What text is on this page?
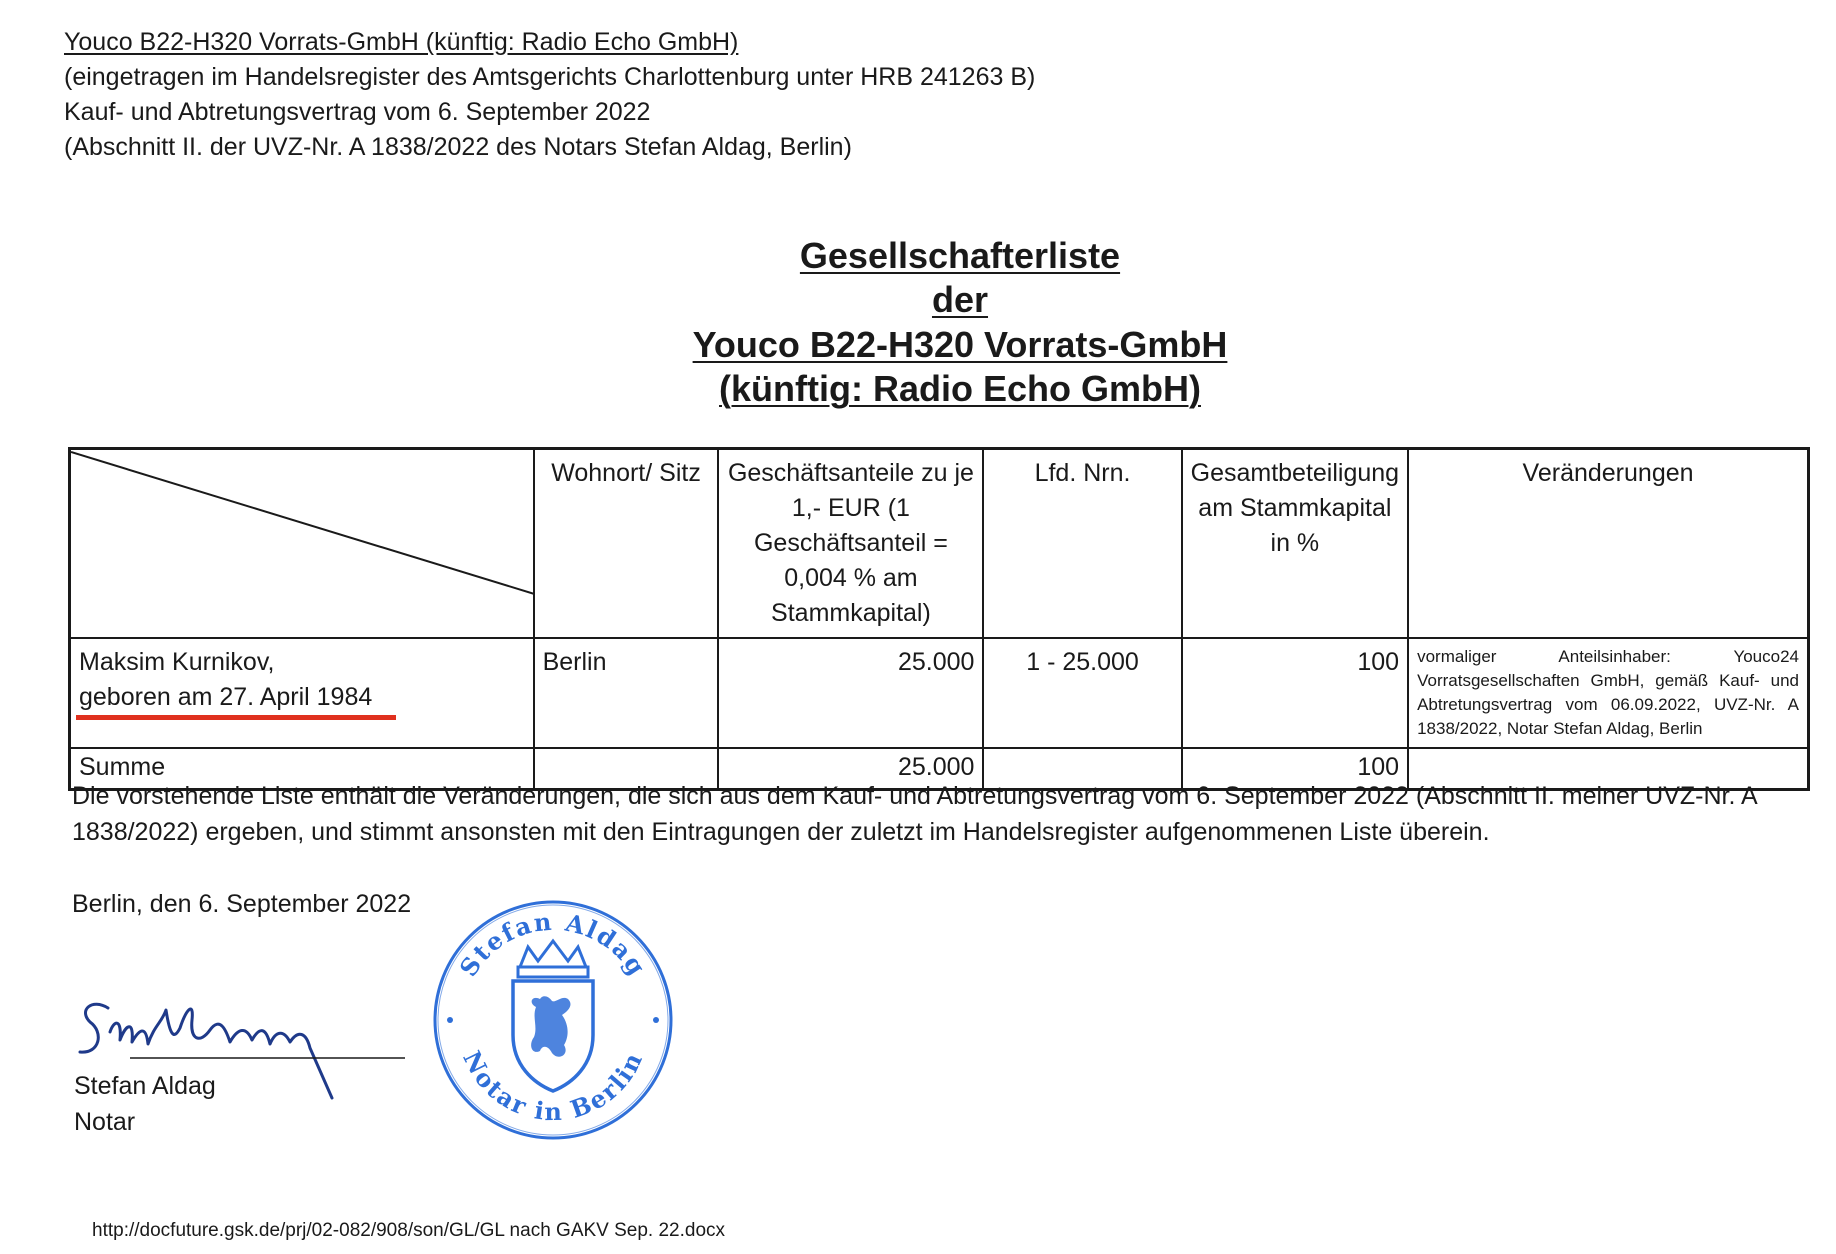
Youco B22-H320 Vorrats-GmbH (künftig: Radio Echo GmbH)
(eingetragen im Handelsregister des Amtsgerichts Charlottenburg unter HRB 241263 B)
Kauf- und Abtretungsvertrag vom 6. September 2022
(Abschnitt II. der UVZ-Nr. A 1838/2022 des Notars Stefan Aldag, Berlin)
Gesellschafterliste
der
Youco B22-H320 Vorrats-GmbH
(künftig: Radio Echo GmbH)
	Wohnort/ Sitz	Geschäftsanteile zu je 1,- EUR (1 Geschäftsanteil = 0,004 % am Stammkapital)	Lfd. Nrn.	Gesamtbeteiligung am Stammkapital in %	Veränderungen

Maksim Kurnikov,
geboren am 27. April 1984	Berlin	25.000	1 - 25.000	100	vormaliger Anteilsinhaber: Youco24 Vorratsgesellschaften GmbH, gemäß Kauf- und Abtretungsvertrag vom 06.09.2022, UVZ-Nr. A 1838/2022, Notar Stefan Aldag, Berlin
Summe		25.000		100	
Die vorstehende Liste enthält die Veränderungen, die sich aus dem Kauf- und Abtretungsvertrag vom 6. September 2022 (Abschnitt II. meiner UVZ-Nr. A 1838/2022) ergeben, und stimmt ansonsten mit den Eintragungen der zuletzt im Handelsregister aufgenommenen Liste überein.
Berlin, den 6. September 2022
Stefan Aldag
Notar
Stefan Aldag
Notar in Berlin
http://docfuture.gsk.de/prj/02-082/908/son/GL/GL nach GAKV Sep. 22.docx
